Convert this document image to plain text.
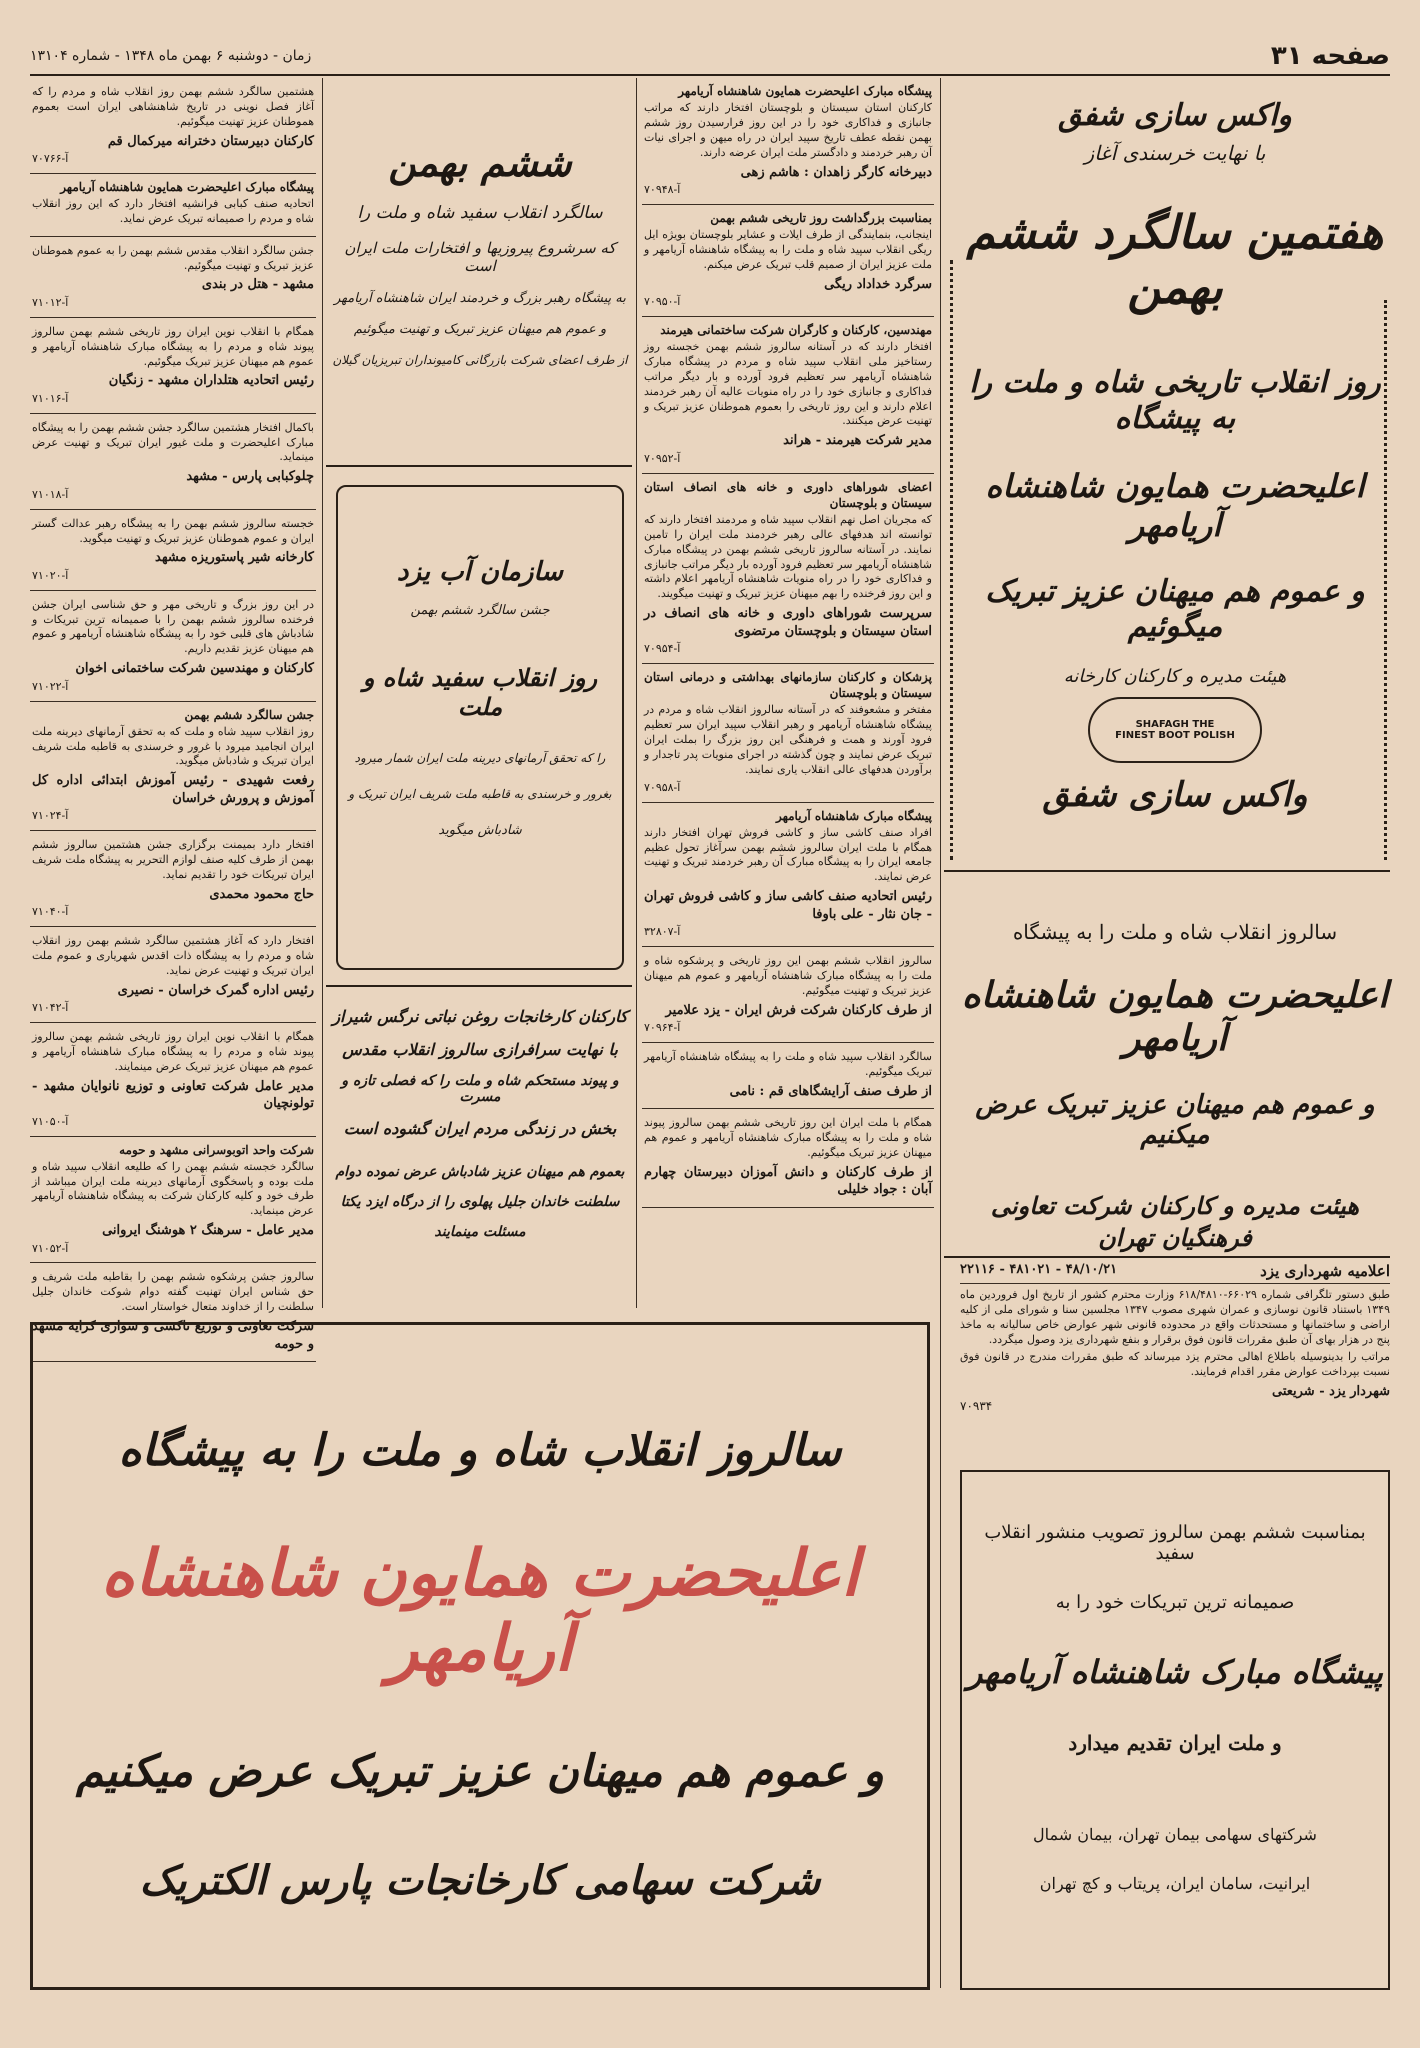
صفحه ۳۱
زمان - دوشنبه ۶ بهمن ماه ۱۳۴۸ - شماره ۱۳۱۰۴
واکس سازی شفق
با نهایت خرسندی آغاز
هفتمین سالگرد ششم بهمن
روز انقلاب تاریخی شاه و ملت را به پیشگاه
اعلیحضرت همایون شاهنشاه آریامهر
و عموم هم میهنان عزیز تبریک میگوئیم
هیئت مدیره و کارکنان کارخانه
SHAFAGH THE FINEST BOOT POLISH
واکس سازی شفق
سالروز انقلاب شاه و ملت را به پیشگاه
اعلیحضرت همایون شاهنشاه آریامهر
و عموم هم میهنان عزیز تبریک عرض میکنیم
هیئت مدیره و کارکنان شرکت تعاونی فرهنگیان تهران
اعلامیه شهرداری یزد
۴۸/۱۰/۲۱ - ۴۸۱۰۲۱ - ۲۲۱۱۶
طبق دستور تلگرافی شماره ۶۶۰۲۹-۶۱۸/۴۸۱۰ وزارت محترم کشور از تاریخ اول فروردین ماه ۱۳۴۹ باستناد قانون نوسازی و عمران شهری مصوب ۱۳۴۷ مجلسین سنا و شورای ملی از کلیه اراضی و ساختمانها و مستحدثات واقع در محدوده قانونی شهر عوارض خاص سالیانه به ماخذ پنج در هزار بهای آن طبق مقررات قانون فوق برقرار و بنفع شهرداری یزد وصول میگردد.
مراتب را بدینوسیله باطلاع اهالی محترم یزد میرساند که طبق مقررات مندرج در قانون فوق نسبت بپرداخت عوارض مقرر اقدام فرمایند.
شهردار یزد - شریعتی
۷۰۹۳۴
بمناسبت ششم بهمن سالروز تصویب منشور انقلاب سفید
صمیمانه ترین تبریکات خود را به
پیشگاه مبارک شاهنشاه آریامهر
و ملت ایران تقدیم میدارد
شرکتهای سهامی بیمان تهران، بیمان شمال
ایرانیت، سامان ایران، پریتاب و کچ تهران
پیشگاه مبارک اعلیحضرت همایون شاهنشاه آریامهر
کارکنان استان سیستان و بلوچستان افتخار دارند که مراتب جانبازی و فداکاری خود را در این روز فرارسیدن روز ششم بهمن نقطه عطف تاریخ سپید ایران در راه میهن و اجرای نیات آن رهبر خردمند و دادگستر ملت ایران عرضه دارند.
دبیرخانه کارگر زاهدان : هاشم زهی
آ-۷۰۹۴۸
بمناسبت بزرگداشت روز تاریخی ششم بهمن
اینجانب، بنمایندگی از طرف ایلات و عشایر بلوچستان بویژه ایل ریگی انقلاب سپید شاه و ملت را به پیشگاه شاهنشاه آریامهر و ملت عزیز ایران از صمیم قلب تبریک عرض میکنم.
سرگرد خداداد ریگی
آ-۷۰۹۵۰
مهندسین، کارکنان و کارگران شرکت ساختمانی هیرمند
افتخار دارند که در آستانه سالروز ششم بهمن خجسته روز رستاخیز ملی انقلاب سپید شاه و مردم در پیشگاه مبارک شاهنشاه آریامهر سر تعظیم فرود آورده و بار دیگر مراتب فداکاری و جانبازی خود را در راه منویات عالیه آن رهبر خردمند اعلام دارند و این روز تاریخی را بعموم هموطنان عزیز تبریک و تهنیت عرض میکنند.
مدیر شرکت هیرمند - هراند
آ-۷۰۹۵۲
اعضای شوراهای داوری و خانه های انصاف استان سیستان و بلوچستان
که مجریان اصل نهم انقلاب سپید شاه و مردمند افتخار دارند که توانسته اند هدفهای عالی رهبر خردمند ملت ایران را تامین نمایند. در آستانه سالروز تاریخی ششم بهمن در پیشگاه مبارک شاهنشاه آریامهر سر تعظیم فرود آورده بار دیگر مراتب جانبازی و فداکاری خود را در راه منویات شاهنشاه آریامهر اعلام داشته و این روز فرخنده را بهم میهنان عزیز تبریک و تهنیت میگویند.
سرپرست شوراهای داوری و خانه های انصاف در استان سیستان و بلوچستان مرتضوی
آ-۷۰۹۵۴
پزشکان و کارکنان سازمانهای بهداشتی و درمانی استان سیستان و بلوچستان
مفتخر و مشعوفند که در آستانه سالروز انقلاب شاه و مردم در پیشگاه شاهنشاه آریامهر و رهبر انقلاب سپید ایران سر تعظیم فرود آورند و همت و فرهنگی این روز بزرگ را بملت ایران تبریک عرض نمایند و چون گذشته در اجرای منویات پدر تاجدار و برآوردن هدفهای عالی انقلاب یاری نمایند.
آ-۷۰۹۵۸
پیشگاه مبارک شاهنشاه آریامهر
افراد صنف کاشی ساز و کاشی فروش تهران افتخار دارند همگام با ملت ایران سالروز ششم بهمن سرآغاز تحول عظیم جامعه ایران را به پیشگاه مبارک آن رهبر خردمند تبریک و تهنیت عرض نمایند.
رئیس اتحادیه صنف کاشی ساز و کاشی فروش تهران - جان نثار - علی باوفا
آ-۳۲۸۰۷
سالروز انقلاب ششم بهمن این روز تاریخی و پرشکوه شاه و ملت را به پیشگاه مبارک شاهنشاه آریامهر و عموم هم میهنان عزیز تبریک و تهنیت میگوئیم.
از طرف کارکنان شرکت فرش ایران - یزد علامیر
آ-۷۰۹۶۴
سالگرد انقلاب سپید شاه و ملت را به پیشگاه شاهنشاه آریامهر تبریک میگوئیم.
از طرف صنف آرایشگاهای قم : نامی
همگام با ملت ایران این روز تاریخی ششم بهمن سالروز پیوند شاه و ملت را به پیشگاه مبارک شاهنشاه آریامهر و عموم هم میهنان عزیز تبریک میگوئیم.
از طرف کارکنان و دانش آموزان دبیرستان چهارم آبان : جواد خلیلی
ششم بهمن
سالگرد انقلاب سفید شاه و ملت را
که سرشروع پیروزیها و افتخارات ملت ایران است
به پیشگاه رهبر بزرگ و خردمند ایران شاهنشاه آریامهر
و عموم هم میهنان عزیز تبریک و تهنیت میگوئیم
از طرف اعضای شرکت بازرگانی کامیونداران تبریزیان گیلان
سازمان آب یزد
جشن سالگرد ششم بهمن
روز انقلاب سفید شاه و ملت
را که تحقق آرمانهای دیرینه ملت ایران شمار میرود
بغرور و خرسندی به قاطبه ملت شریف ایران تبریک و
شادباش میگوید
کارکنان کارخانجات روغن نباتی نرگس شیراز
با نهایت سرافرازی سالروز انقلاب مقدس
و پیوند مستحکم شاه و ملت را که فصلی تازه و مسرت
بخش در زندگی مردم ایران گشوده است
بعموم هم میهنان عزیز شادباش عرض نموده دوام
سلطنت خاندان جلیل پهلوی را از درگاه ایزد یکتا
مسئلت مینمایند
هشتمین سالگرد ششم بهمن روز انقلاب شاه و مردم را که آغاز فصل نوینی در تاریخ شاهنشاهی ایران است بعموم هموطنان عزیز تهنیت میگوئیم.
کارکنان دبیرستان دخترانه میرکمال قم
آ-۷۰۷۶۶
پیشگاه مبارک اعلیحضرت همایون شاهنشاه آریامهر
اتحادیه صنف کبابی فرانشیه افتخار دارد که این روز انقلاب شاه و مردم را صمیمانه تبریک عرض نماید.
جشن سالگرد انقلاب مقدس ششم بهمن را به عموم هموطنان عزیز تبریک و تهنیت میگوئیم.
مشهد - هتل در بندی
آ-۷۱۰۱۲
همگام با انقلاب نوین ایران روز تاریخی ششم بهمن سالروز پیوند شاه و مردم را به پیشگاه مبارک شاهنشاه آریامهر و عموم هم میهنان عزیز تبریک میگوئیم.
رئیس اتحادیه هتلداران مشهد - زنگیان
آ-۷۱۰۱۶
باکمال افتخار هشتمین سالگرد جشن ششم بهمن را به پیشگاه مبارک اعلیحضرت و ملت غیور ایران تبریک و تهنیت عرض مینماید.
چلوکبابی پارس - مشهد
آ-۷۱۰۱۸
خجسته سالروز ششم بهمن را به پیشگاه رهبر عدالت گستر ایران و عموم هموطنان عزیز تبریک و تهنیت میگوید.
کارخانه شیر پاستوریزه مشهد
آ-۷۱۰۲۰
در این روز بزرگ و تاریخی مهر و حق شناسی ایران جشن فرخنده سالروز ششم بهمن را با صمیمانه ترین تبریکات و شادباش های قلبی خود را به پیشگاه شاهنشاه آریامهر و عموم هم میهنان عزیز تقدیم داریم.
کارکنان و مهندسین شرکت ساختمانی اخوان
آ-۷۱۰۲۲
جشن سالگرد ششم بهمن
روز انقلاب سپید شاه و ملت که به تحقق آرمانهای دیرینه ملت ایران انجامید میرود با غرور و خرسندی به قاطبه ملت شریف ایران تبریک و شادباش میگوید.
رفعت شهیدی - رئیس آموزش ابتدائی اداره کل آموزش و پرورش خراسان
آ-۷۱۰۲۴
افتخار دارد بمیمنت برگزاری جشن هشتمین سالروز ششم بهمن از طرف کلیه صنف لوازم التحریر به پیشگاه ملت شریف ایران تبریکات خود را تقدیم نماید.
حاج محمود محمدی
آ-۷۱۰۴۰
افتخار دارد که آغاز هشتمین سالگرد ششم بهمن روز انقلاب شاه و مردم را به پیشگاه ذات اقدس شهریاری و عموم ملت ایران تبریک و تهنیت عرض نماید.
رئیس اداره گمرک خراسان - نصیری
آ-۷۱۰۴۲
همگام با انقلاب نوین ایران روز تاریخی ششم بهمن سالروز پیوند شاه و مردم را به پیشگاه مبارک شاهنشاه آریامهر و عموم هم میهنان عزیز تبریک عرض مینمایند.
مدیر عامل شرکت تعاونی و توزیع نانوایان مشهد - تولونچیان
آ-۷۱۰۵۰
شرکت واحد اتوبوسرانی مشهد و حومه
سالگرد خجسته ششم بهمن را که طلیعه انقلاب سپید شاه و ملت بوده و پاسخگوی آرمانهای دیرینه ملت ایران میباشد از طرف خود و کلیه کارکنان شرکت به پیشگاه شاهنشاه آریامهر عرض مینماید.
مدیر عامل - سرهنگ ۲ هوشنگ ایروانی
آ-۷۱۰۵۲
سالروز جشن پرشکوه ششم بهمن را بقاطبه ملت شریف و حق شناس ایران تهنیت گفته دوام شوکت خاندان جلیل سلطنت را از خداوند متعال خواستار است.
شرکت تعاونی و توزیع تاکسی و سواری کرایه مشهد و حومه
سالروز انقلاب شاه و ملت را به پیشگاه
اعلیحضرت همایون شاهنشاه آریامهر
و عموم هم میهنان عزیز تبریک عرض میکنیم
شرکت سهامی کارخانجات پارس الکتریک
